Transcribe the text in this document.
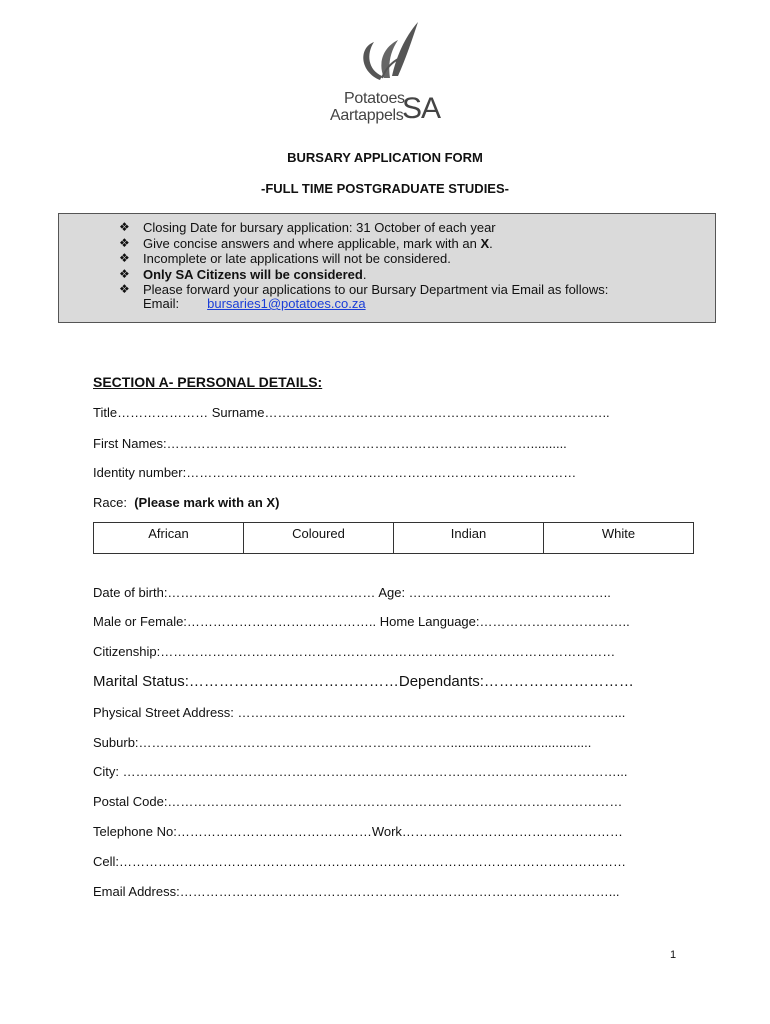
Potatoes
Aartappels
SA
BURSARY APPLICATION FORM
-FULL TIME POSTGRADUATE STUDIES-
❖ Closing Date for bursary application: 31 October of each year
❖ Give concise answers and where applicable, mark with an X.
❖ Incomplete or late applications will not be considered.
❖ Only SA Citizens will be considered.
❖ Please forward your applications to our Bursary Department via Email as follows:
Email: bursaries1@potatoes.co.za
SECTION A- PERSONAL DETAILS:
Title………………… Surname……………………………………………………………………..
First Names:…………………………………………………………………………..........
Identity number:………………………………………………………………………………
Race: (Please mark with an X)
African	Coloured	Indian	White
Date of birth:………………………………………… Age: ………………………………………..
Male or Female:…………………………………….. Home Language:……………………………..
Citizenship:……………………………………………………………………………………………
Marital Status:……………………………………Dependants:…………………………
Physical Street Address: ……………………………………………………………………………...
Suburb:……………………………………………………………….......................................
City: ……………………………………………………………………………………………………...
Postal Code:……………………………………………………………………………………………
Telephone No:………………………………………Work……………………………………………
Cell:………………………………………………………………………………………………………
Email Address:………………………………………………………………………………………...
1
